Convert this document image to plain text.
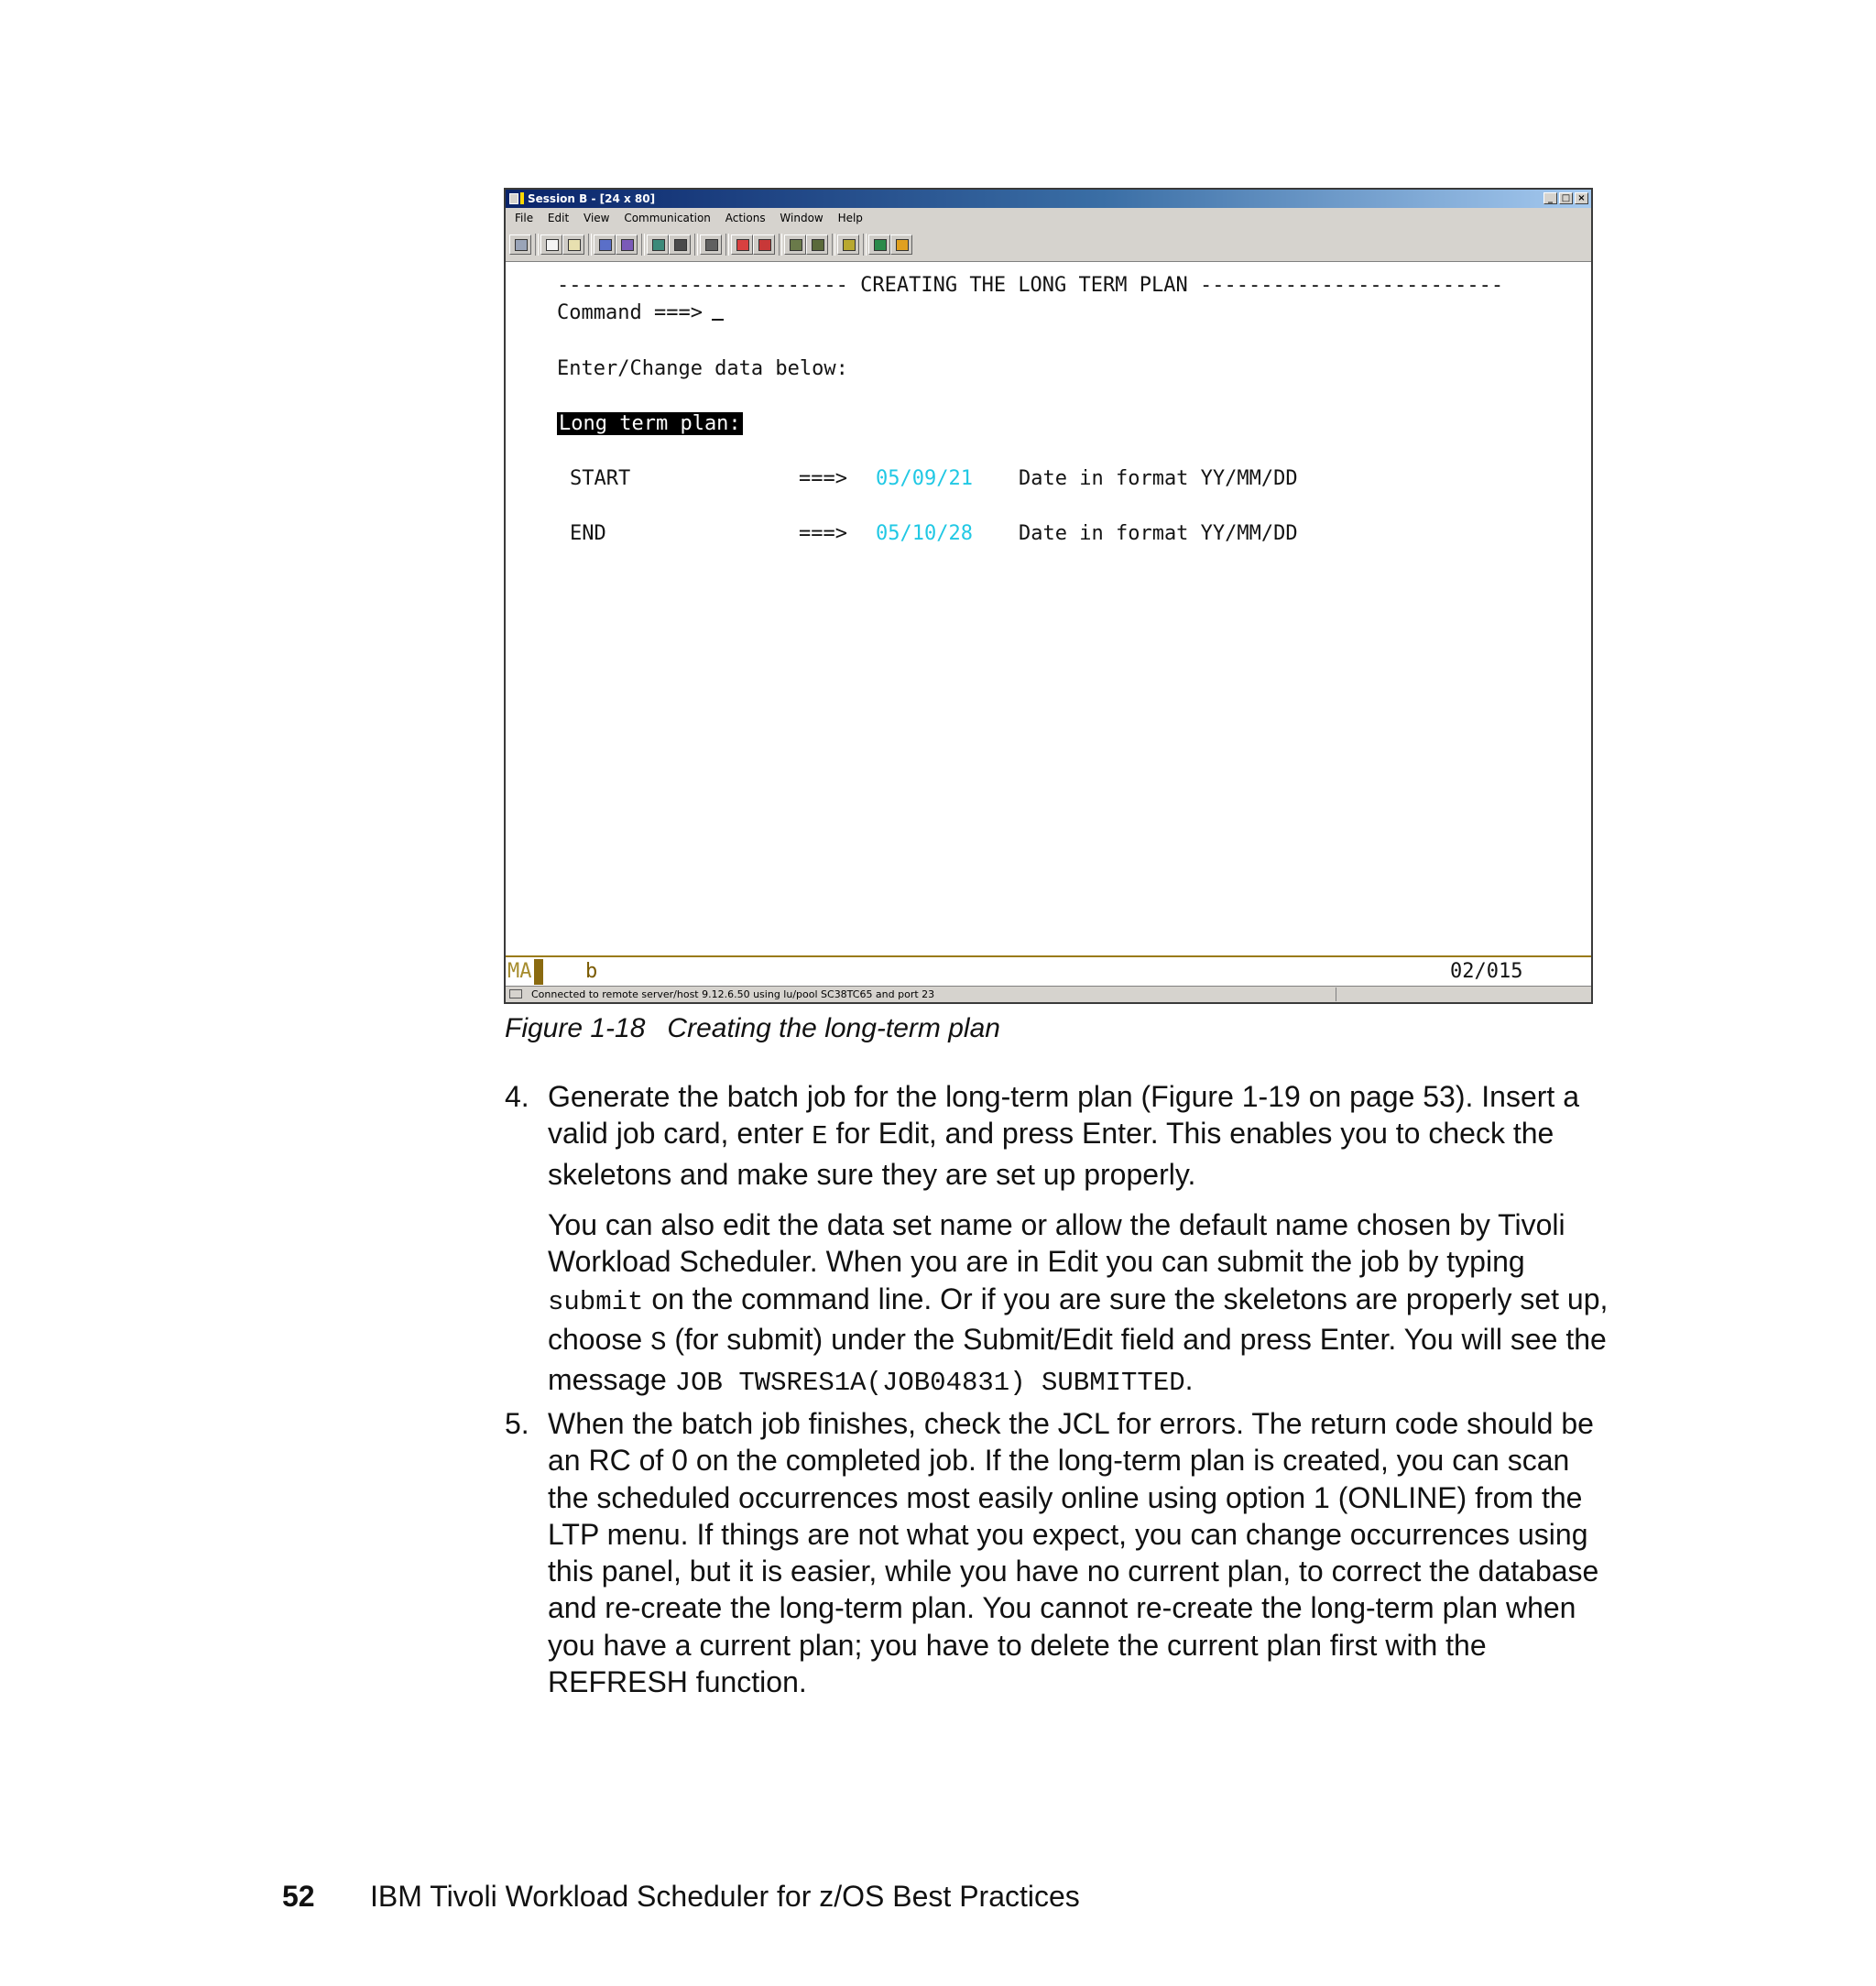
Session B - [24 x 80]	_ □ ×
File Edit View Communication Actions Window Help

------------------------ CREATING THE LONG TERM PLAN -------------------------

Command ===>

Enter/Change data below:

Long term plan:

START	===> 05/09/21 Date in format YY/MM/DD

END	===> 05/10/28 Date in format YY/MM/DD

MA	b	02/015
Connected to remote server/host 9.12.6.50 using lu/pool SC38TC65 and port 23
Figure 1-18 Creating the long-term plan
4. Generate the batch job for the long-term plan (Figure 1-19 on page 53). Insert a valid job card, enter E for Edit, and press Enter. This enables you to check the skeletons and make sure they are set up properly.
You can also edit the data set name or allow the default name chosen by Tivoli Workload Scheduler. When you are in Edit you can submit the job by typing submit on the command line. Or if you are sure the skeletons are properly set up, choose S (for submit) under the Submit/Edit field and press Enter. You will see the message JOB TWSRES1A(JOB04831) SUBMITTED.
5. When the batch job finishes, check the JCL for errors. The return code should be an RC of 0 on the completed job. If the long-term plan is created, you can scan the scheduled occurrences most easily online using option 1 (ONLINE) from the LTP menu. If things are not what you expect, you can change occurrences using this panel, but it is easier, while you have no current plan, to correct the database and re-create the long-term plan. You cannot re-create the long-term plan when you have a current plan; you have to delete the current plan first with the REFRESH function.
52 IBM Tivoli Workload Scheduler for z/OS Best Practices
